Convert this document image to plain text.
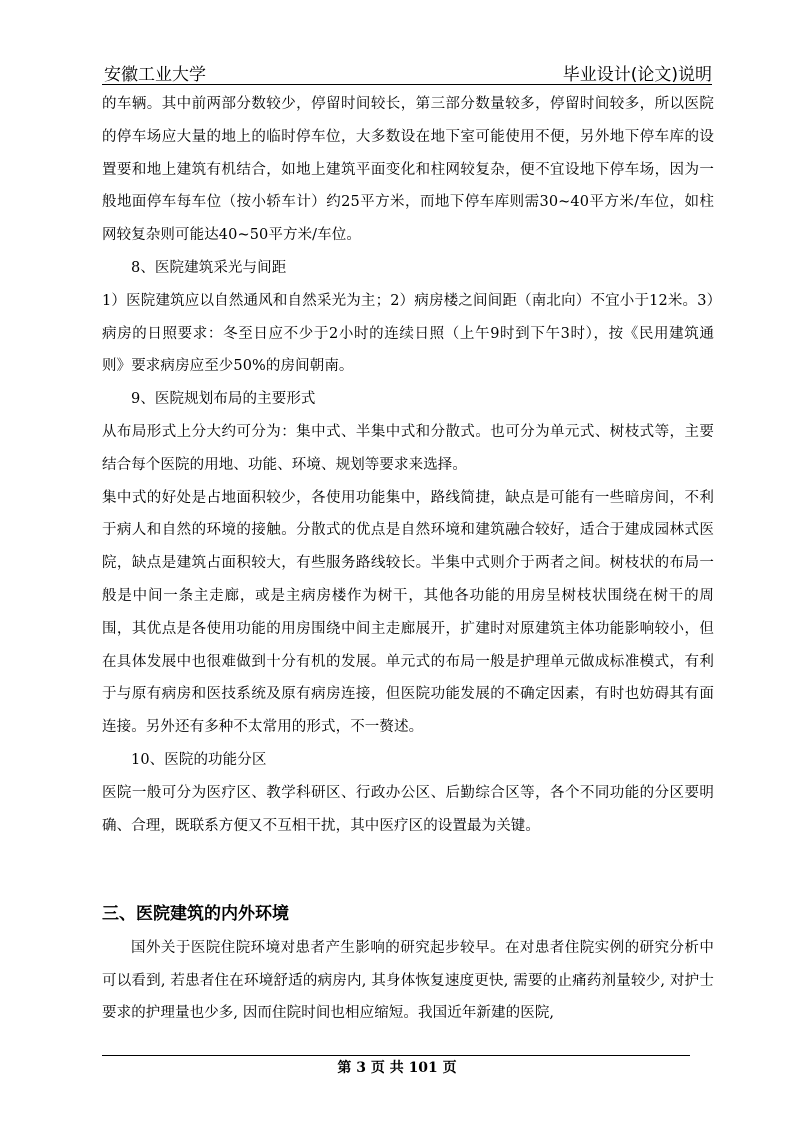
安徽工业大学	毕业设计(论文)说明

的车辆。其中前两部分数较少，停留时间较长，第三部分数量较多，停留时间较多，所以医院的停车场应大量的地上的临时停车位，大多数设在地下室可能使用不便，另外地下停车库的设置要和地上建筑有机结合，如地上建筑平面变化和柱网较复杂，便不宜设地下停车场，因为一般地面停车每车位（按小轿车计）约25平方米，而地下停车库则需30~40平方米/车位，如柱网较复杂则可能达40~50平方米/车位。

8、医院建筑采光与间距

1）医院建筑应以自然通风和自然采光为主；2）病房楼之间间距（南北向）不宜小于12米。3）病房的日照要求：冬至日应不少于2小时的连续日照（上午9时到下午3时），按《民用建筑通则》要求病房应至少50%的房间朝南。

9、医院规划布局的主要形式

从布局形式上分大约可分为：集中式、半集中式和分散式。也可分为单元式、树枝式等，主要结合每个医院的用地、功能、环境、规划等要求来选择。

集中式的好处是占地面积较少，各使用功能集中，路线简捷，缺点是可能有一些暗房间，不利于病人和自然的环境的接触。分散式的优点是自然环境和建筑融合较好，适合于建成园林式医院，缺点是建筑占面积较大，有些服务路线较长。半集中式则介于两者之间。树枝状的布局一般是中间一条主走廊，或是主病房楼作为树干，其他各功能的用房呈树枝状围绕在树干的周围，其优点是各使用功能的用房围绕中间主走廊展开，扩建时对原建筑主体功能影响较小，但在具体发展中也很难做到十分有机的发展。单元式的布局一般是护理单元做成标准模式，有利于与原有病房和医技系统及原有病房连接，但医院功能发展的不确定因素，有时也妨碍其有面连接。另外还有多种不太常用的形式，不一赘述。

10、医院的功能分区

医院一般可分为医疗区、教学科研区、行政办公区、后勤综合区等，各个不同功能的分区要明确、合理，既联系方便又不互相干扰，其中医疗区的设置最为关键。

三、医院建筑的内外环境

国外关于医院住院环境对患者产生影响的研究起步较早。在对患者住院实例的研究分析中可以看到, 若患者住在环境舒适的病房内, 其身体恢复速度更快, 需要的止痛药剂量较少, 对护士要求的护理量也少多, 因而住院时间也相应缩短。我国近年新建的医院,

第 3 页 共 101 页
